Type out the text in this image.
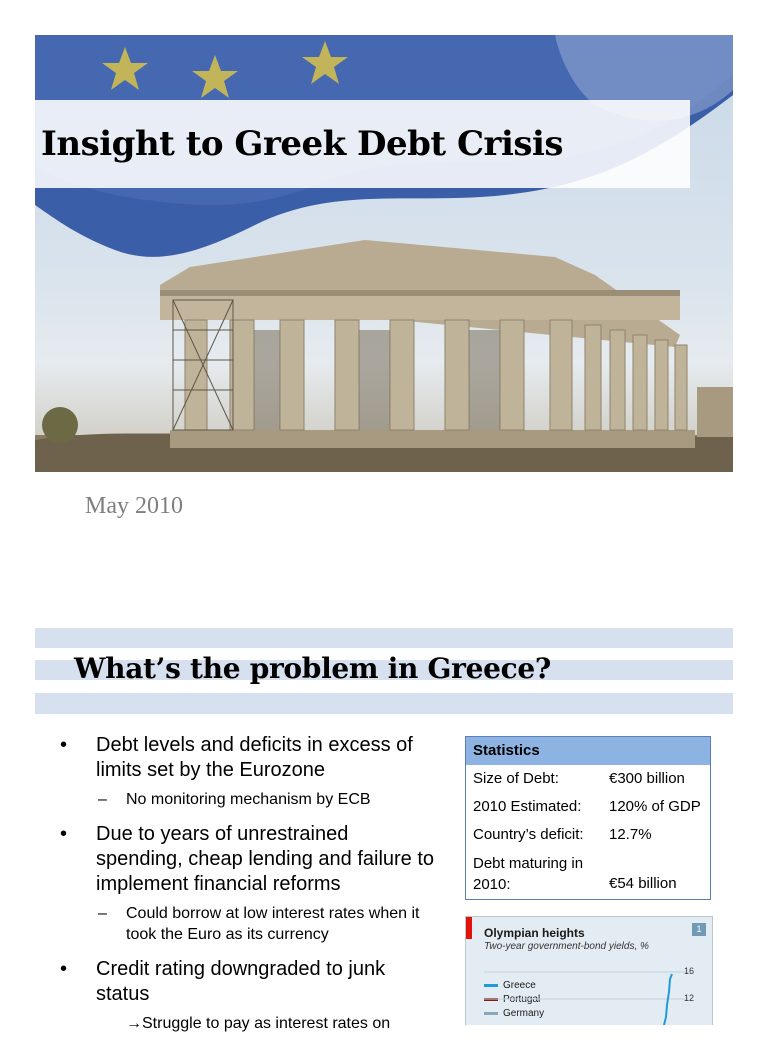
Insight to Greek Debt Crisis
May 2010
What’s the problem in Greece?
• Debt levels and deficits in excess of limits set by the Eurozone
– No monitoring mechanism by ECB
• Due to years of unrestrained spending, cheap lending and failure to implement financial reforms
– Could borrow at low interest rates when it took the Euro as its currency
• Credit rating downgraded to junk status
→Struggle to pay as interest rates on
Statistics
Size of Debt:	€300 billion
2010 Estimated: 120% of GDP
Country’s deficit: 12.7%
Debt maturing in 2010:	€54 billion
Olympian heights
Two-year government-bond yields, %
1
Greece
Portugal
Germany
16
12
